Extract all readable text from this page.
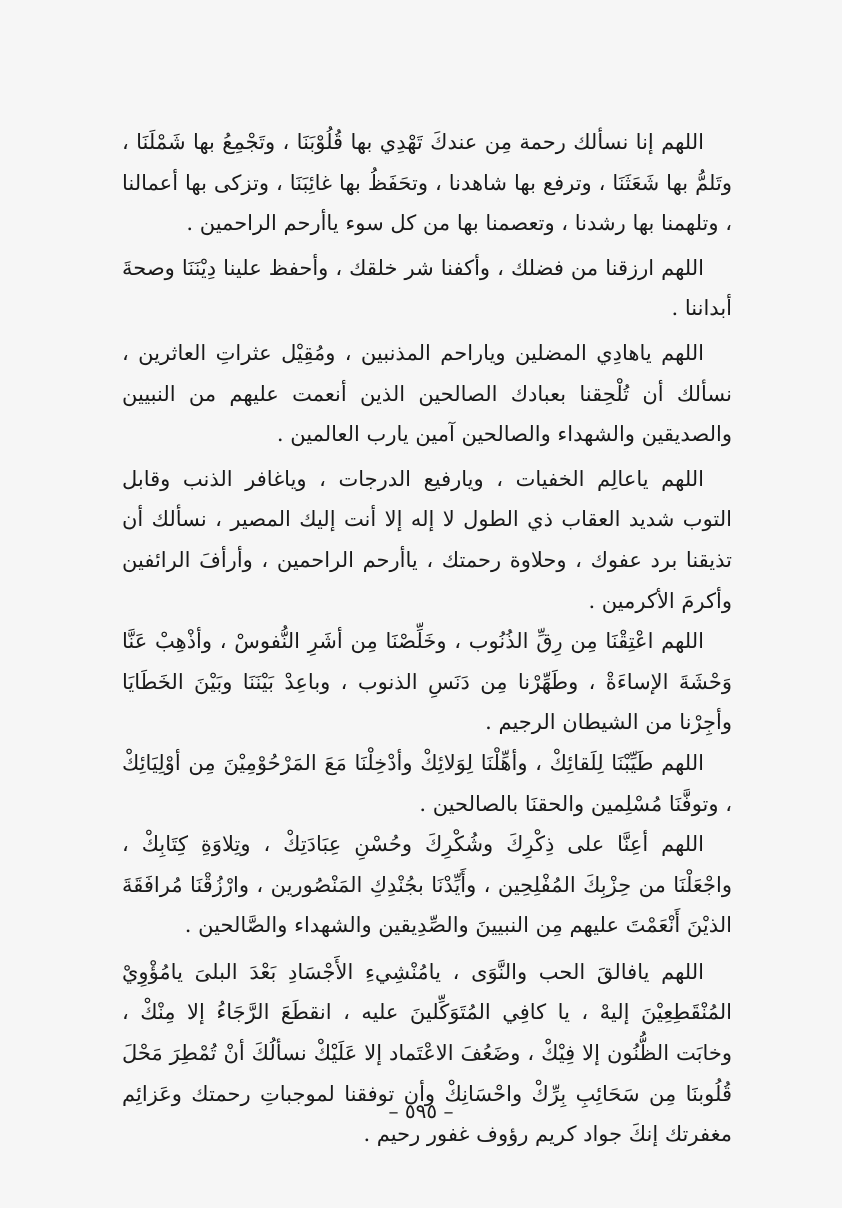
اللهم إنا نسألك رحمة مِن عندكَ تَهْدِي بها قُلُوْبَنَا ، وتَجْمِعُ بها شَمْلَنَا ، وتَلمُّ بها شَعَثَنَا ، وترفع بها شاهدنا ، وتحَفَظُ بها غائِبَنَا ، وتزكى بها أعمالنا ، وتلهمنا بها رشدنا ، وتعصمنا بها من كل سوء ياأرحم الراحمين .

اللهم ارزقنا من فضلك ، وأكفنا شر خلقك ، وأحفظ علينا دِيْنَنَا وصحةَ أبداننا .

اللهم ياهادِي المضلين وياراحم المذنبين ، ومُقِيْل عثراتِ العاثرين ، نسألك أن تُلْحِقنا بعبادك الصالحين الذين أنعمت عليهم من النبيين والصديقين والشهداء والصالحين آمين يارب العالمين .

اللهم ياعالِم الخفيات ، ويارفيع الدرجات ، وياغافر الذنب وقابل التوب شديد العقاب ذي الطول لا إله إلا أنت إليك المصير ، نسألك أن تذيقنا برد عفوك ، وحلاوة رحمتك ، ياأرحم الراحمين ، وأرأفَ الرائفين وأكرمَ الأكرمين .

اللهم اعْتِقْنَا مِن رِقِّ الذُنُوب ، وخَلِّصْنَا مِن أشَرِ النُّفوسْ ، وأذْهِبْ عَنَّا وَحْشَةَ الإساءَةْ ، وطَهِّرْنا مِن دَنَسِ الذنوب ، وباعِدْ بَيْنَنَا وبَيْنَ الخَطَايَا وأجِرْنا من الشيطان الرجيم .

اللهم طَيِّبْنَا لِلَقائِكْ ، وأهِّلْنَا لِوَلائِكْ وأدْخِلْنَا مَعَ المَرْحُوْمِيْنَ مِن أوْلِيَائِكْ ، وتوفَّنَا مُسْلِمين والحقنَا بالصالحين .

اللهم أعِنَّا على ذِكْرِكَ وشُكْرِكَ وحُسْنِ عِبَادَتِكْ ، وتِلاوَةِ كِتَابِكْ ، واجْعَلْنَا من حِزْبِكَ المُفْلِحِين ، وأَيِّدْنَا بجُنْدِكِ المَنْصُورين ، وارْزُقْنَا مُرافَقَةَ الذيْنَ أَنْعَمْتَ عليهم مِن النبيينَ والصِّدِيقين والشهداء والصَّالحين .

اللهم يافالقَ الحب والنَّوَى ، يامُنْشِيءِ الأَجْسَادِ بَعْدَ البلىَ يامُؤْوِيْ المُنْقَطِعِيْنَ إليهْ ، يا كافِي المُتَوَكِّلينَ عليه ، انقطَعَ الرَّجَاءُ إلا مِنْكْ ، وخابَت الظُّنُون إلا فِيْكْ ، وضَعُفَ الاعْتَماد إلا عَلَيْكْ نسألُكَ أنْ تُمْطِرَ مَحْلَ قُلُوبنَا مِن سَحَائِبِ بِرِّكْ واحْسَانِكْ وأن توفقنا لموجباتِ رحمتك وعَزائِم مغفرتك إنكَ جواد كريم رؤوف غفور رحيم .

– ٥٩٥ –
